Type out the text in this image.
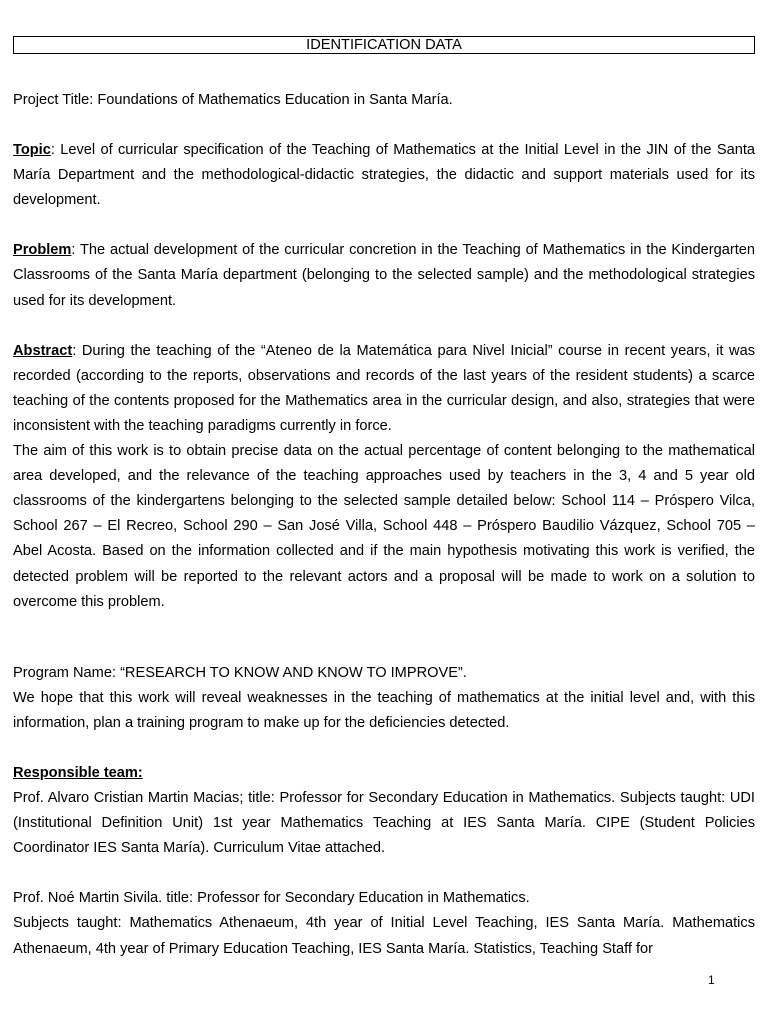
IDENTIFICATION DATA

Project Title: Foundations of Mathematics Education in Santa María.

Topic: Level of curricular specification of the Teaching of Mathematics at the Initial Level in the JIN of the Santa María Department and the methodological-didactic strategies, the didactic and support materials used for its development.

Problem: The actual development of the curricular concretion in the Teaching of Mathematics in the Kindergarten Classrooms of the Santa María department (belonging to the selected sample) and the methodological strategies used for its development.

Abstract: During the teaching of the “Ateneo de la Matemática para Nivel Inicial” course in recent years, it was recorded (according to the reports, observations and records of the last years of the resident students) a scarce teaching of the contents proposed for the Mathematics area in the curricular design, and also, strategies that were inconsistent with the teaching paradigms currently in force.

The aim of this work is to obtain precise data on the actual percentage of content belonging to the mathematical area developed, and the relevance of the teaching approaches used by teachers in the 3, 4 and 5 year old classrooms of the kindergartens belonging to the selected sample detailed below: School 114 – Próspero Vilca, School 267 – El Recreo, School 290 – San José Villa, School 448 – Próspero Baudilio Vázquez, School 705 – Abel Acosta. Based on the information collected and if the main hypothesis motivating this work is verified, the detected problem will be reported to the relevant actors and a proposal will be made to work on a solution to overcome this problem.

Program Name: “RESEARCH TO KNOW AND KNOW TO IMPROVE”.

We hope that this work will reveal weaknesses in the teaching of mathematics at the initial level and, with this information, plan a training program to make up for the deficiencies detected.

Responsible team:

Prof. Alvaro Cristian Martin Macias; title: Professor for Secondary Education in Mathematics. Subjects taught: UDI (Institutional Definition Unit) 1st year Mathematics Teaching at IES Santa María. CIPE (Student Policies Coordinator IES Santa María). Curriculum Vitae attached.

Prof. Noé Martin Sivila. title: Professor for Secondary Education in Mathematics.

Subjects taught: Mathematics Athenaeum, 4th year of Initial Level Teaching, IES Santa María. Mathematics Athenaeum, 4th year of Primary Education Teaching, IES Santa María. Statistics, Teaching Staff for

1
